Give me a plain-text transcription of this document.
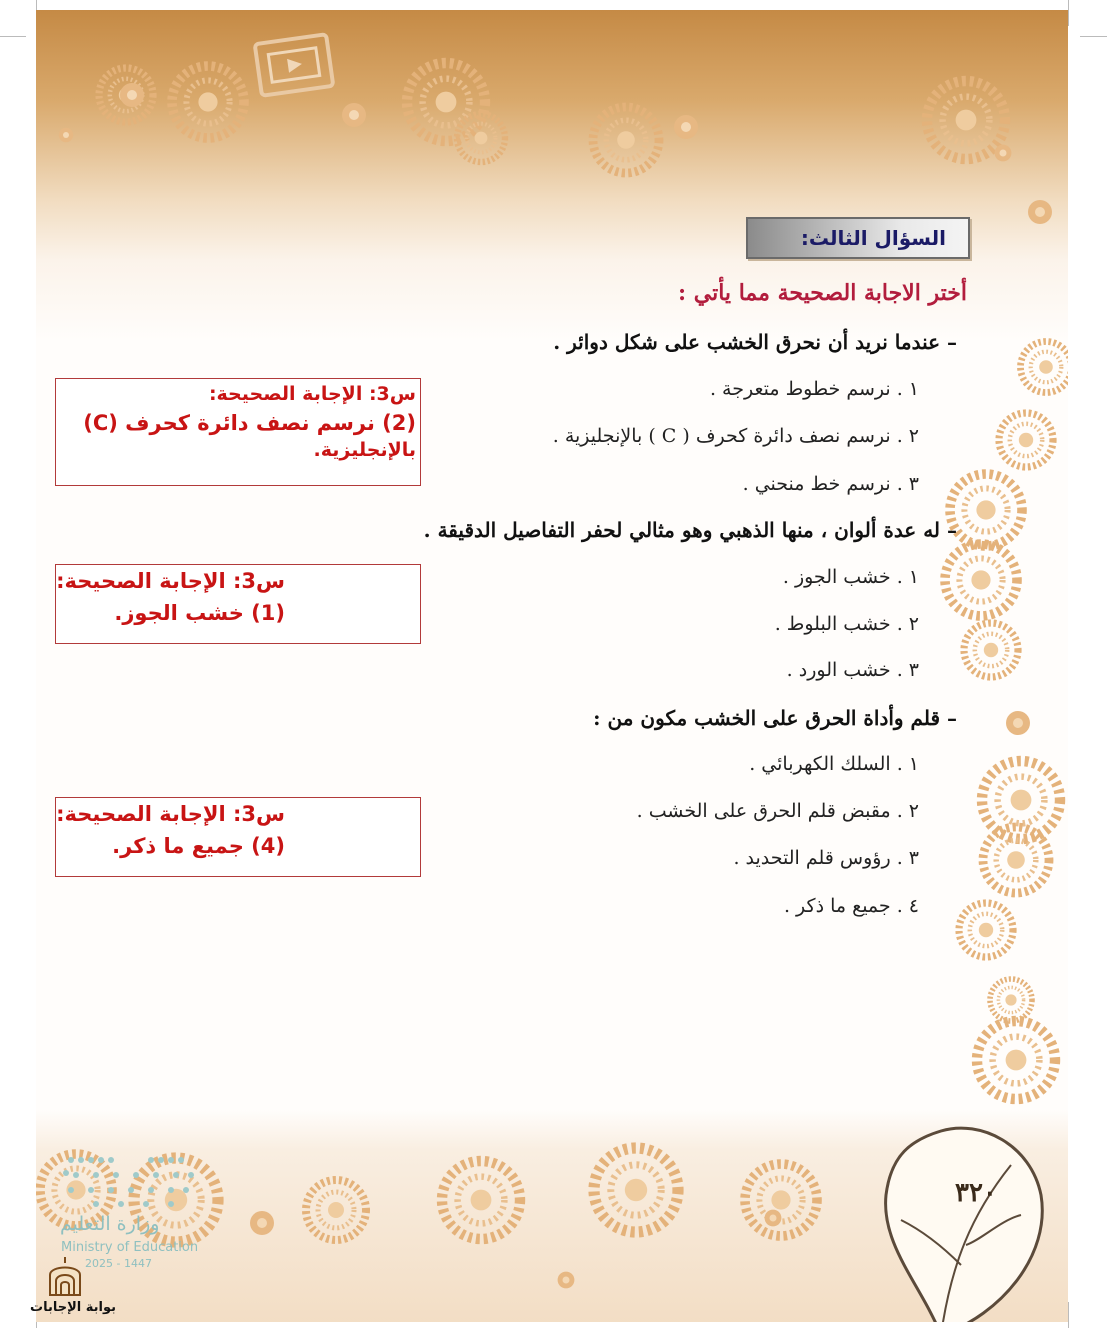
السؤال الثالث:
أختر الاجابة الصحيحة مما يأتي :
– عندما نريد أن نحرق الخشب على شكل دوائر .
١ . نرسم خطوط متعرجة .
٢ . نرسم نصف دائرة كحرف ( C ) بالإنجليزية .
٣ . نرسم خط منحني .
– له عدة ألوان ، منها الذهبي وهو مثالي لحفر التفاصيل الدقيقة .
١ . خشب الجوز .
٢ . خشب البلوط .
٣ . خشب الورد .
– قلم وأداة الحرق على الخشب مكون من :
١ . السلك الكهربائي .
٢ . مقبض قلم الحرق على الخشب .
٣ . رؤوس قلم التحديد .
٤ . جميع ما ذكر .
س3: الإجابة الصحيحة:
(2) نرسم نصف دائرة كحرف (C)
بالإنجليزية.
س3: الإجابة الصحيحة:
(1) خشب الجوز.
س3: الإجابة الصحيحة:
(4) جميع ما ذكر.
٣٢٠
وزارة التعليم
Ministry of Education
2025 - 1447
بوابة الإجابات
